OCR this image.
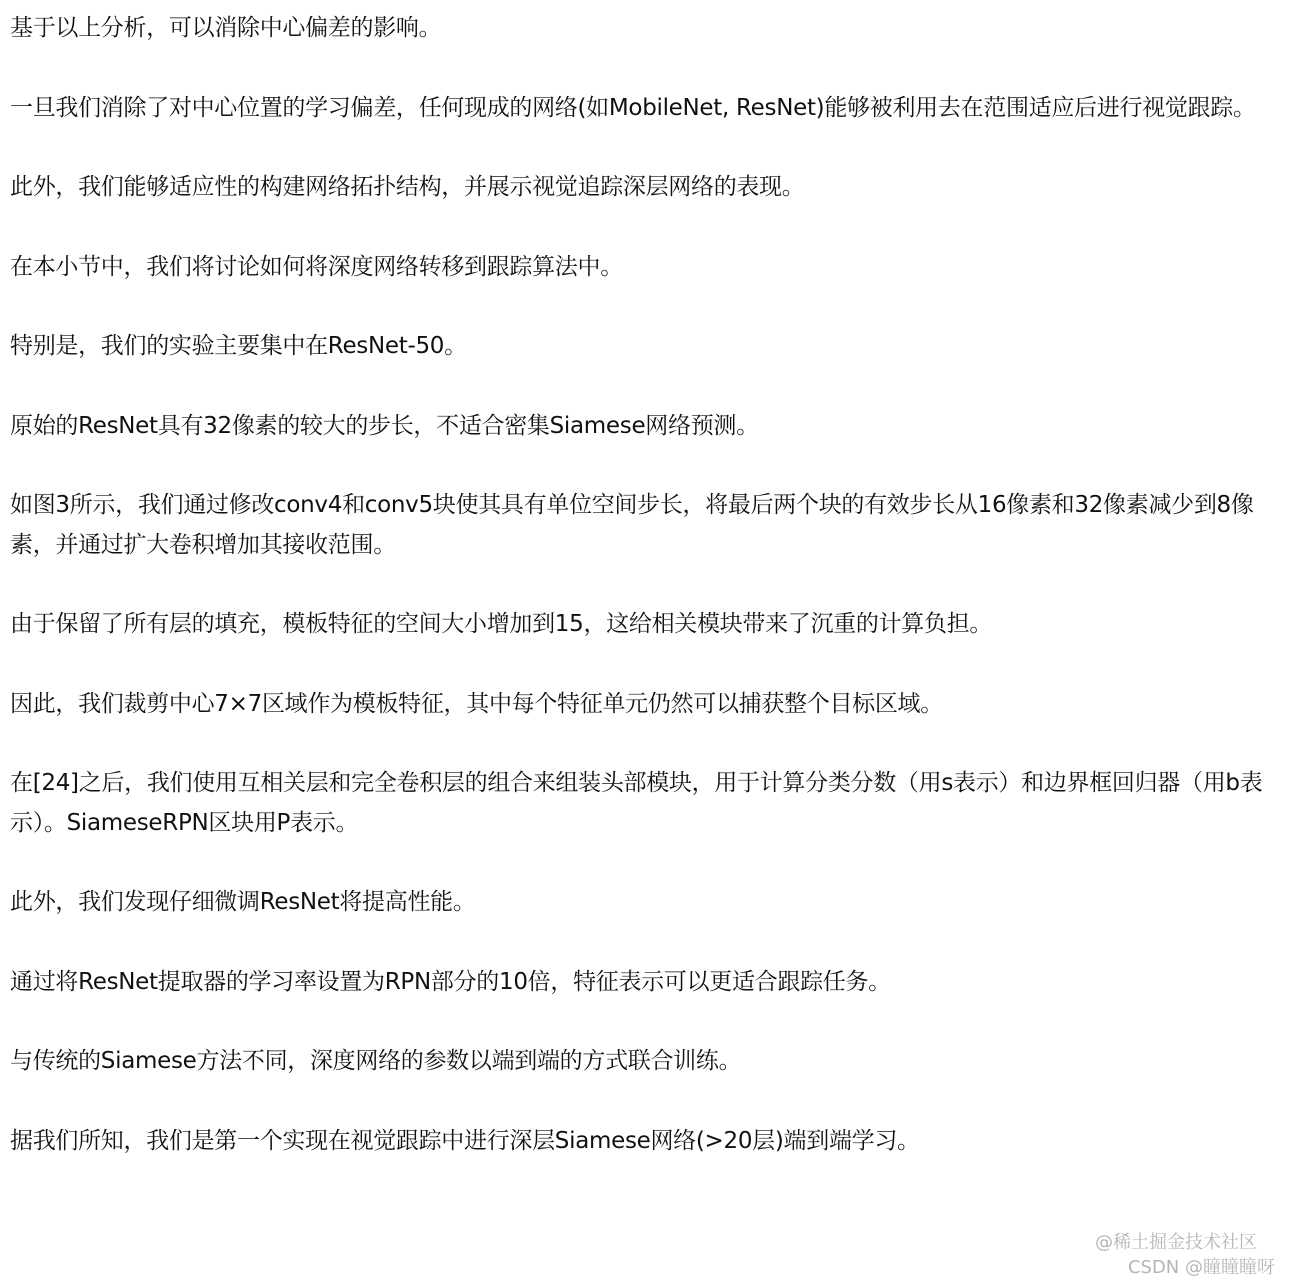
基于以上分析，可以消除中心偏差的影响。

一旦我们消除了对中心位置的学习偏差，任何现成的网络(如MobileNet, ResNet)能够被利用去在范围适应后进行视觉跟踪。

此外，我们能够适应性的构建网络拓扑结构，并展示视觉追踪深层网络的表现。

在本小节中，我们将讨论如何将深度网络转移到跟踪算法中。

特别是，我们的实验主要集中在ResNet-50。

原始的ResNet具有32像素的较大的步长，不适合密集Siamese网络预测。

如图3所示，我们通过修改conv4和conv5块使其具有单位空间步长，将最后两个块的有效步长从16像素和32像素减少到8像素，并通过扩大卷积增加其接收范围。

由于保留了所有层的填充，模板特征的空间大小增加到15，这给相关模块带来了沉重的计算负担。

因此，我们裁剪中心7×7区域作为模板特征，其中每个特征单元仍然可以捕获整个目标区域。

在[24]之后，我们使用互相关层和完全卷积层的组合来组装头部模块，用于计算分类分数（用s表示）和边界框回归器（用b表示）。SiameseRPN区块用P表示。

此外，我们发现仔细微调ResNet将提高性能。

通过将ResNet提取器的学习率设置为RPN部分的10倍，特征表示可以更适合跟踪任务。

与传统的Siamese方法不同，深度网络的参数以端到端的方式联合训练。

据我们所知，我们是第一个实现在视觉跟踪中进行深层Siamese网络(>20层)端到端学习。

@稀土掘金技术社区
CSDN @瞳瞳瞳呀
